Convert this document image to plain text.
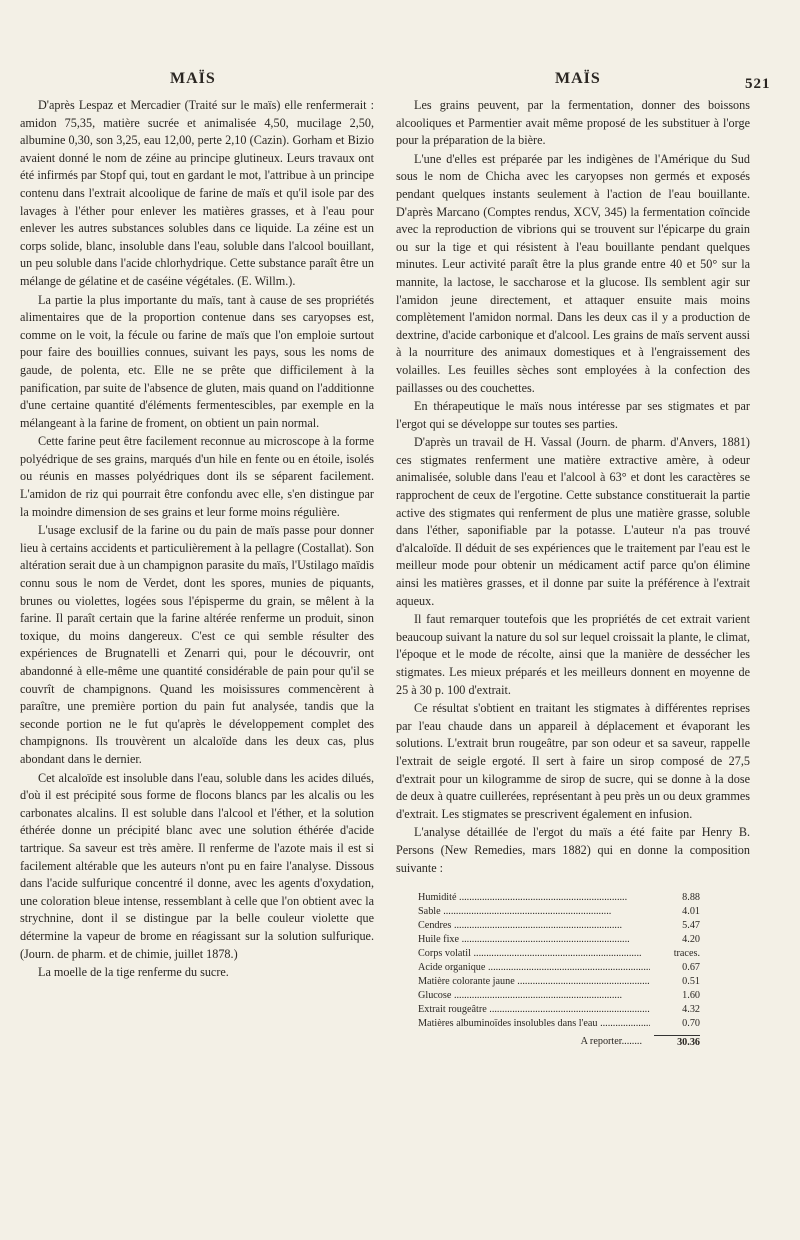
MAÏS	MAÏS	521

D'après Lespaz et Mercadier (Traité sur le maïs) elle renfermerait : amidon 75,35, matière sucrée et animalisée 4,50, mucilage 2,50, albumine 0,30, son 3,25, eau 12,00, perte 2,10 (Cazin). Gorham et Bizio avaient donné le nom de zéine au principe glutineux. Leurs travaux ont été infirmés par Stopf qui, tout en gardant le mot, l'attribue à un principe contenu dans l'extrait alcoolique de farine de maïs et qu'il isole par des lavages à l'éther pour enlever les matières grasses, et à l'eau pour enlever les autres substances solubles dans ce liquide. La zéine est un corps solide, blanc, insoluble dans l'eau, soluble dans l'alcool bouillant, un peu soluble dans l'acide chlorhydrique. Cette substance paraît être un mélange de gélatine et de caséine végétales. (E. Willm.).

La partie la plus importante du maïs, tant à cause de ses propriétés alimentaires que de la proportion contenue dans ses caryopses est, comme on le voit, la fécule ou farine de maïs que l'on emploie surtout pour faire des bouillies connues, suivant les pays, sous les noms de gaude, de polenta, etc. Elle ne se prête que difficilement à la panification, par suite de l'absence de gluten, mais quand on l'additionne d'une certaine quantité d'éléments fermentescibles, par exemple en la mélangeant à la farine de froment, on obtient un pain normal.

Cette farine peut être facilement reconnue au microscope à la forme polyédrique de ses grains, marqués d'un hile en fente ou en étoile, isolés ou réunis en masses polyédriques dont ils se séparent facilement. L'amidon de riz qui pourrait être confondu avec elle, s'en distingue par la moindre dimension de ses grains et leur forme moins régulière.

L'usage exclusif de la farine ou du pain de maïs passe pour donner lieu à certains accidents et particulièrement à la pellagre (Costallat). Son altération serait due à un champignon parasite du maïs, l'Ustilago maïdis connu sous le nom de Verdet, dont les spores, munies de piquants, brunes ou violettes, logées sous l'épisperme du grain, se mêlent à la farine. Il paraît certain que la farine altérée renferme un produit, sinon toxique, du moins dangereux. C'est ce qui semble résulter des expériences de Brugnatelli et Zenarri qui, pour le découvrir, ont abandonné à elle-même une quantité considérable de pain pour qu'il se couvrît de champignons. Quand les moisissures commencèrent à paraître, une première portion du pain fut analysée, tandis que la seconde portion ne le fut qu'après le développement complet des champignons. Ils trouvèrent un alcaloïde dans les deux cas, plus abondant dans le dernier.

Cet alcaloïde est insoluble dans l'eau, soluble dans les acides dilués, d'où il est précipité sous forme de flocons blancs par les alcalis ou les carbonates alcalins. Il est soluble dans l'alcool et l'éther, et la solution éthérée donne un précipité blanc avec une solution éthérée d'acide tartrique. Sa saveur est très amère. Il renferme de l'azote mais il est si facilement altérable que les auteurs n'ont pu en faire l'analyse. Dissous dans l'acide sulfurique concentré il donne, avec les agents d'oxydation, une coloration bleue intense, ressemblant à celle que l'on obtient avec la strychnine, dont il se distingue par la belle couleur violette que détermine la vapeur de brome en réagissant sur la solution sulfurique. (Journ. de pharm. et de chimie, juillet 1878.)

La moelle de la tige renferme du sucre.

Les grains peuvent, par la fermentation, donner des boissons alcooliques et Parmentier avait même proposé de les substituer à l'orge pour la préparation de la bière.

L'une d'elles est préparée par les indigènes de l'Amérique du Sud sous le nom de Chicha avec les caryopses non germés et exposés pendant quelques instants seulement à l'action de l'eau bouillante. D'après Marcano (Comptes rendus, XCV, 345) la fermentation coïncide avec la reproduction de vibrions qui se trouvent sur l'épicarpe du grain ou sur la tige et qui résistent à l'eau bouillante pendant quelques minutes. Leur activité paraît être la plus grande entre 40 et 50° sur la mannite, la lactose, le saccharose et la glucose. Ils semblent agir sur l'amidon jeune directement, et attaquer ensuite mais moins complètement l'amidon normal. Dans les deux cas il y a production de dextrine, d'acide carbonique et d'alcool. Les grains de maïs servent aussi à la nourriture des animaux domestiques et à l'engraissement des volailles. Les feuilles sèches sont employées à la confection des paillasses ou des couchettes.

En thérapeutique le maïs nous intéresse par ses stigmates et par l'ergot qui se développe sur toutes ses parties.

D'après un travail de H. Vassal (Journ. de pharm. d'Anvers, 1881) ces stigmates renferment une matière extractive amère, à odeur animalisée, soluble dans l'eau et l'alcool à 63° et dont les caractères se rapprochent de ceux de l'ergotine. Cette substance constituerait la partie active des stigmates qui renferment de plus une matière grasse, soluble dans l'éther, saponifiable par la potasse. L'auteur n'a pas trouvé d'alcaloïde. Il déduit de ses expériences que le traitement par l'eau est le meilleur mode pour obtenir un médicament actif parce qu'on élimine ainsi les matières grasses, et il donne par suite la préférence à l'extrait aqueux.

Il faut remarquer toutefois que les propriétés de cet extrait varient beaucoup suivant la nature du sol sur lequel croissait la plante, le climat, l'époque et le mode de récolte, ainsi que la manière de dessécher les stigmates. Les mieux préparés et les meilleurs donnent en moyenne de 25 à 30 p. 100 d'extrait.

Ce résultat s'obtient en traitant les stigmates à différentes reprises par l'eau chaude dans un appareil à déplacement et évaporant les solutions. L'extrait brun rougeâtre, par son odeur et sa saveur, rappelle l'extrait de seigle ergoté. Il sert à faire un sirop composé de 27,5 d'extrait pour un kilogramme de sirop de sucre, qui se donne à la dose de deux à quatre cuillerées, représentant à peu près un ou deux grammes d'extrait. Les stigmates se prescrivent également en infusion.

L'analyse détaillée de l'ergot du maïs a été faite par Henry B. Persons (New Remedies, mars 1882) qui en donne la composition suivante :

Humidité .....	8.88
Sable .....	4.01
Cendres .....	5.47
Huile fixe .....	4.20
Corps volatil .....	traces.
Acide organique .....	0.67
Matière colorante jaune .....	0.51
Glucose .....	1.60
Extrait rougeâtre .....	4.32
Matières albuminoïdes insolubles dans l'eau .....	0.70
A reporter........	30.36
